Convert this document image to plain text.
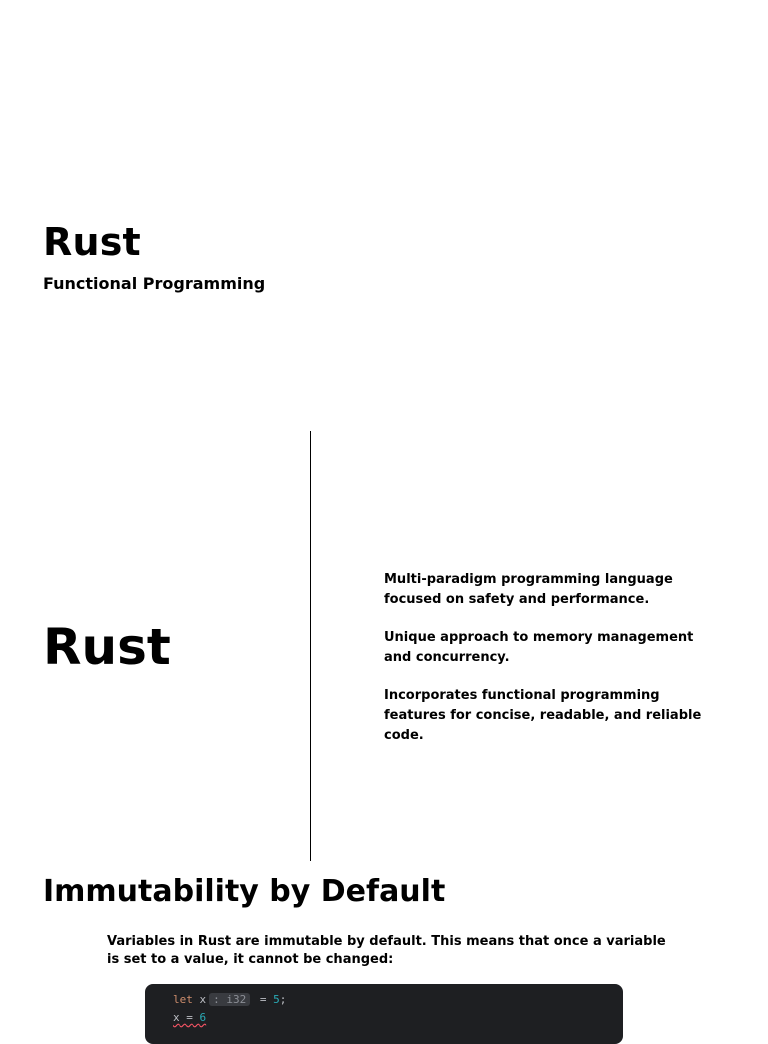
Rust
Functional Programming
Rust
Multi-paradigm programming language focused on safety and performance.
Unique approach to memory management and concurrency.
Incorporates functional programming features for concise, readable, and reliable code.
Immutability by Default

Variables in Rust are immutable by default. This means that once a variable is set to a value, it cannot be changed:

let x : i32 = 5;
x = 6
